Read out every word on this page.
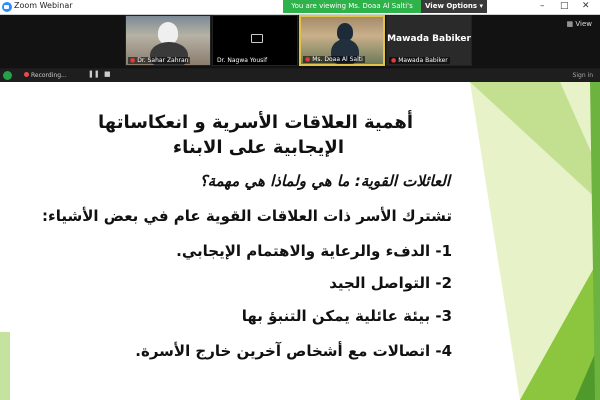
Zoom Webinar	– □ ✕
You are viewing Ms. Doaa Al Salti's	View Options ▾
● Dr. Sahar Zahran	Dr. Nagwa Yousif	● Ms. Doaa Al Salti
Mawada Babiker
● Mawada Babiker
▦ View
Recording...	❚❚ ■	Sign in
أهمية العلاقات الأسرية و انعكاساتها
الإيجابية على الابناء
العائلات القوية: ما هي ولماذا هي مهمة؟
تشترك الأسر ذات العلاقات القوية عام في بعض الأشياء:
1- الدفء والرعاية والاهتمام الإيجابي.
2- التواصل الجيد
3- بيئة عائلية يمكن التنبؤ بها
4- اتصالات مع أشخاص آخرين خارج الأسرة.
